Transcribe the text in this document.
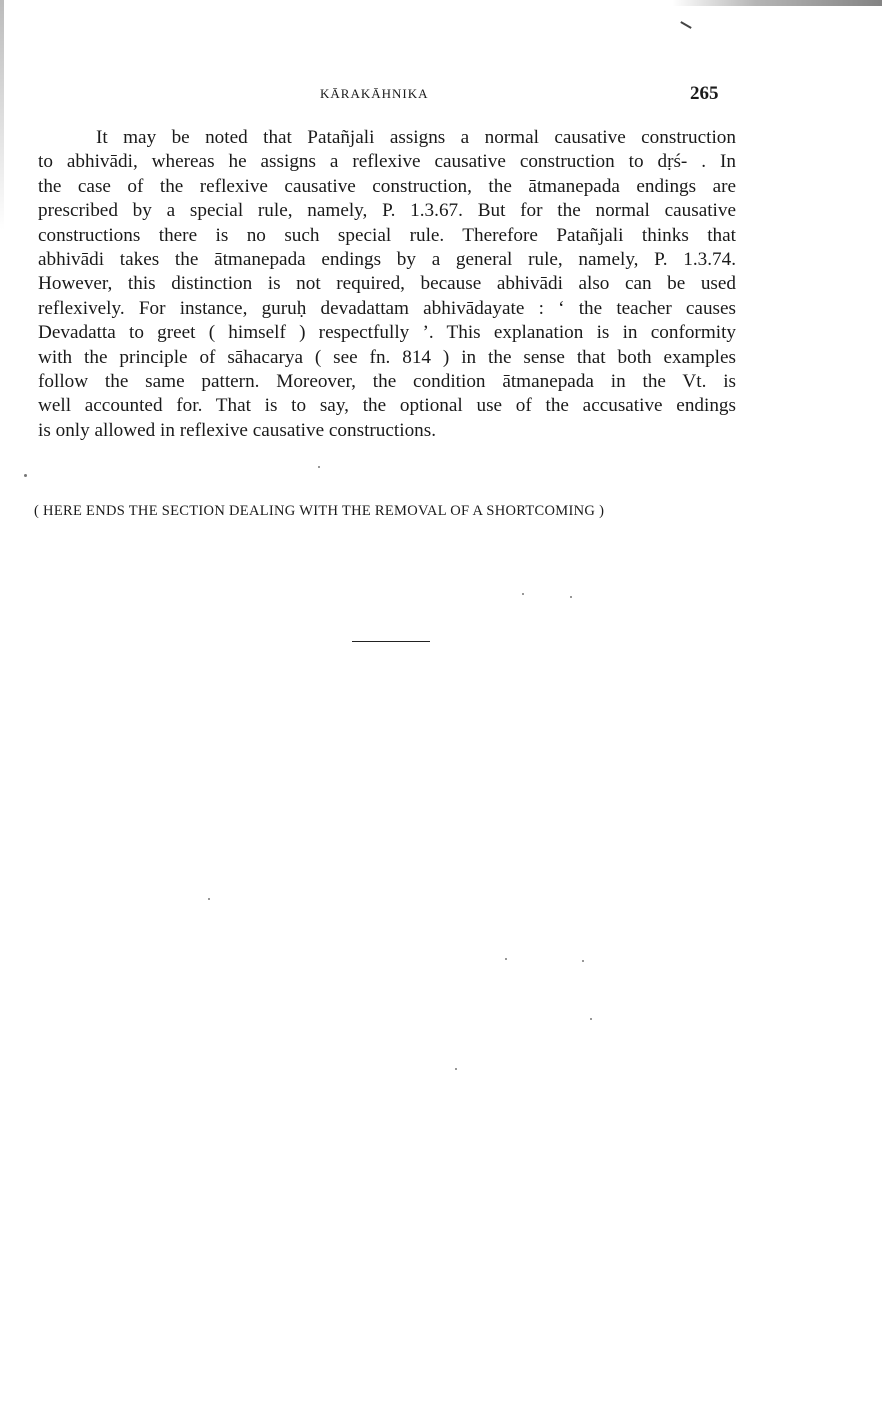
KĀRAKĀHNIKA	265
It may be noted that Patañjali assigns a normal causative construction
to abhivādi, whereas he assigns a reflexive causative construction to dṛś- . In
the case of the reflexive causative construction, the ātmanepada endings are
prescribed by a special rule, namely, P. 1.3.67. But for the normal causative
constructions there is no such special rule. Therefore Patañjali thinks that
abhivādi takes the ātmanepada endings by a general rule, namely, P. 1.3.74.
However, this distinction is not required, because abhivādi also can be used
reflexively. For instance, guruḥ devadattam abhivādayate : ‘ the teacher causes
Devadatta to greet ( himself ) respectfully ’. This explanation is in conformity
with the principle of sāhacarya ( see fn. 814 ) in the sense that both examples
follow the same pattern. Moreover, the condition ātmanepada in the Vt. is
well accounted for. That is to say, the optional use of the accusative endings
is only allowed in reflexive causative constructions.
( HERE ENDS THE SECTION DEALING WITH THE REMOVAL OF A SHORTCOMING )
